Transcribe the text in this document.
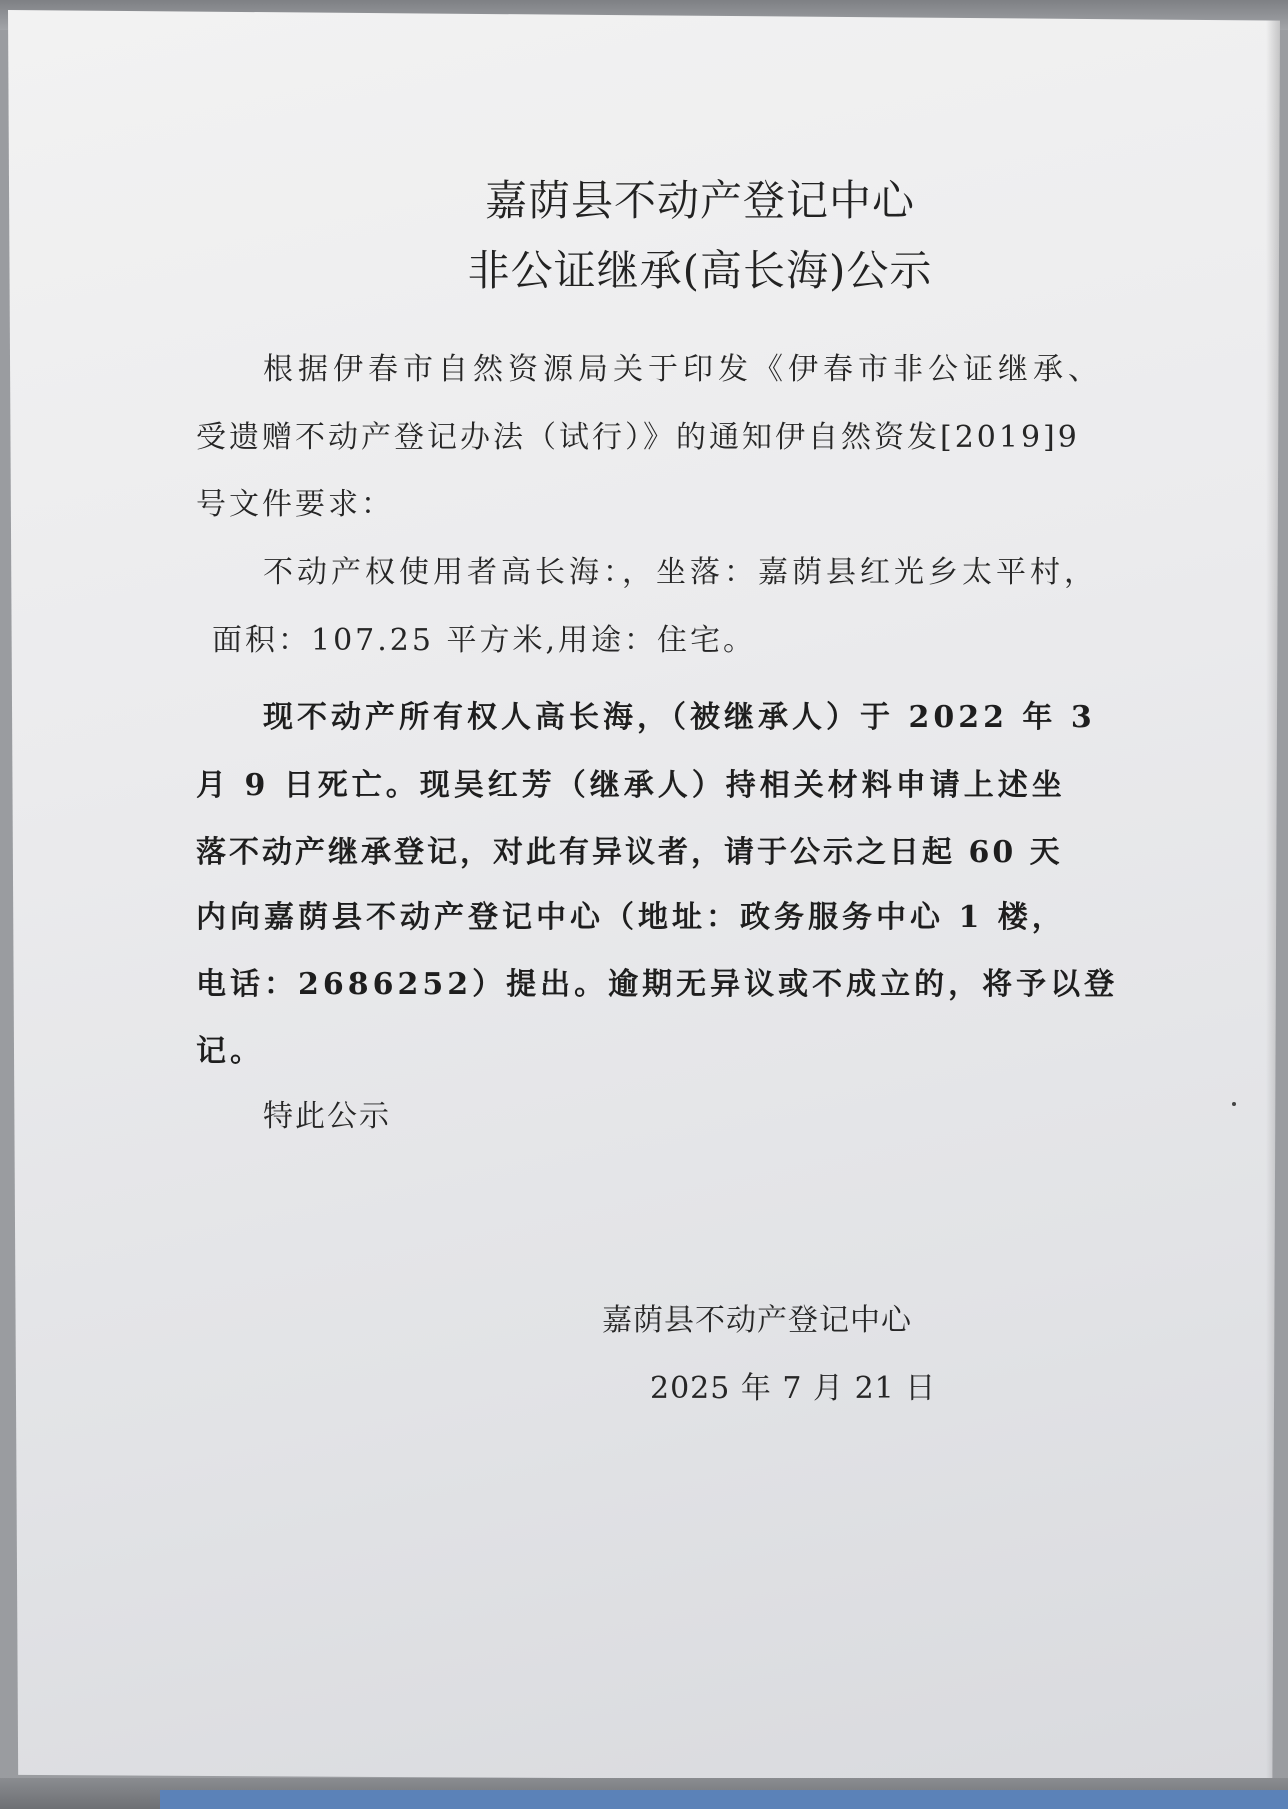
嘉荫县不动产登记中心
非公证继承(高长海)公示
根据伊春市自然资源局关于印发《伊春市非公证继承、
受遗赠不动产登记办法（试行）》的通知伊自然资发[2019]9
号文件要求：
不动产权使用者高长海：，坐落：嘉荫县红光乡太平村，
面积：107.25 平方米,用途：住宅。
现不动产所有权人高长海，（被继承人）于 2022 年 3
月 9 日死亡。现吴红芳（继承人）持相关材料申请上述坐
落不动产继承登记，对此有异议者，请于公示之日起 60 天
内向嘉荫县不动产登记中心（地址：政务服务中心 1 楼，
电话：2686252）提出。逾期无异议或不成立的，将予以登
记。
特此公示
嘉荫县不动产登记中心
2025 年 7 月 21 日
